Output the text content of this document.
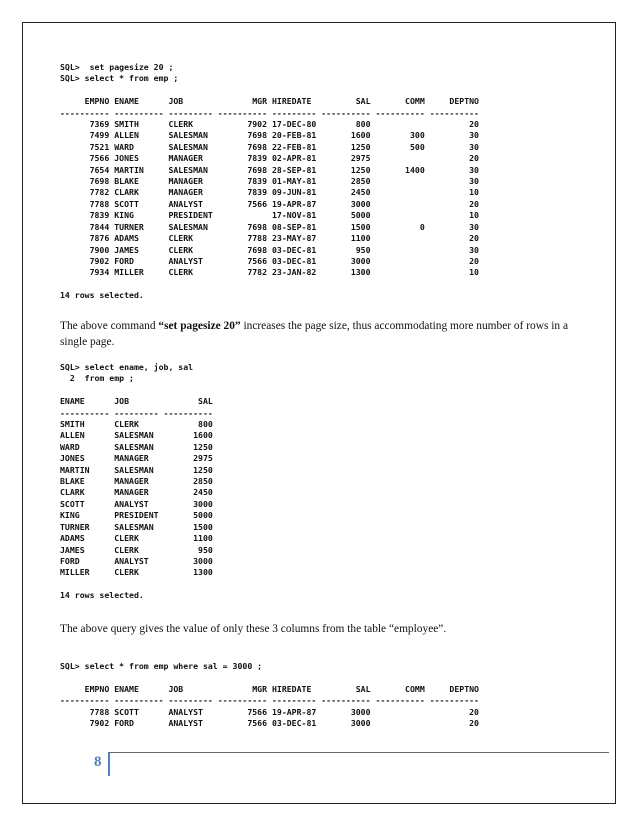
SQL>  set pagesize 20 ;
SQL> select * from emp ;

EMPNO ENAME      JOB              MGR HIREDATE         SAL       COMM     DEPTNO
---------- ---------- --------- ---------- --------- ---------- ---------- ----------
7369 SMITH      CLERK           7902 17-DEC-80        800                    20
7499 ALLEN      SALESMAN        7698 20-FEB-81       1600        300         30
7521 WARD       SALESMAN        7698 22-FEB-81       1250        500         30
7566 JONES      MANAGER         7839 02-APR-81       2975                    20
7654 MARTIN     SALESMAN        7698 28-SEP-81       1250       1400         30
7698 BLAKE      MANAGER         7839 01-MAY-81       2850                    30
7782 CLARK      MANAGER         7839 09-JUN-81       2450                    10
7788 SCOTT      ANALYST         7566 19-APR-87       3000                    20
7839 KING       PRESIDENT            17-NOV-81       5000                    10
7844 TURNER     SALESMAN        7698 08-SEP-81       1500          0         30
7876 ADAMS      CLERK           7788 23-MAY-87       1100                    20
7900 JAMES      CLERK           7698 03-DEC-81        950                    30
7902 FORD       ANALYST         7566 03-DEC-81       3000                    20
7934 MILLER     CLERK           7782 23-JAN-82       1300                    10

14 rows selected.

The above command “set pagesize 20” increases the page size, thus accommodating more number of rows in a single page.

SQL> select ename, job, sal
2  from emp ;

ENAME      JOB              SAL
---------- --------- ----------
SMITH      CLERK            800
ALLEN      SALESMAN        1600
WARD       SALESMAN        1250
JONES      MANAGER         2975
MARTIN     SALESMAN        1250
BLAKE      MANAGER         2850
CLARK      MANAGER         2450
SCOTT      ANALYST         3000
KING       PRESIDENT       5000
TURNER     SALESMAN        1500
ADAMS      CLERK           1100
JAMES      CLERK            950
FORD       ANALYST         3000
MILLER     CLERK           1300

14 rows selected.

The above query gives the value of only these 3 columns from the table “employee”.

SQL> select * from emp where sal = 3000 ;

EMPNO ENAME      JOB              MGR HIREDATE         SAL       COMM     DEPTNO
---------- ---------- --------- ---------- --------- ---------- ---------- ----------
7788 SCOTT      ANALYST         7566 19-APR-87       3000                    20
7902 FORD       ANALYST         7566 03-DEC-81       3000                    20
8
